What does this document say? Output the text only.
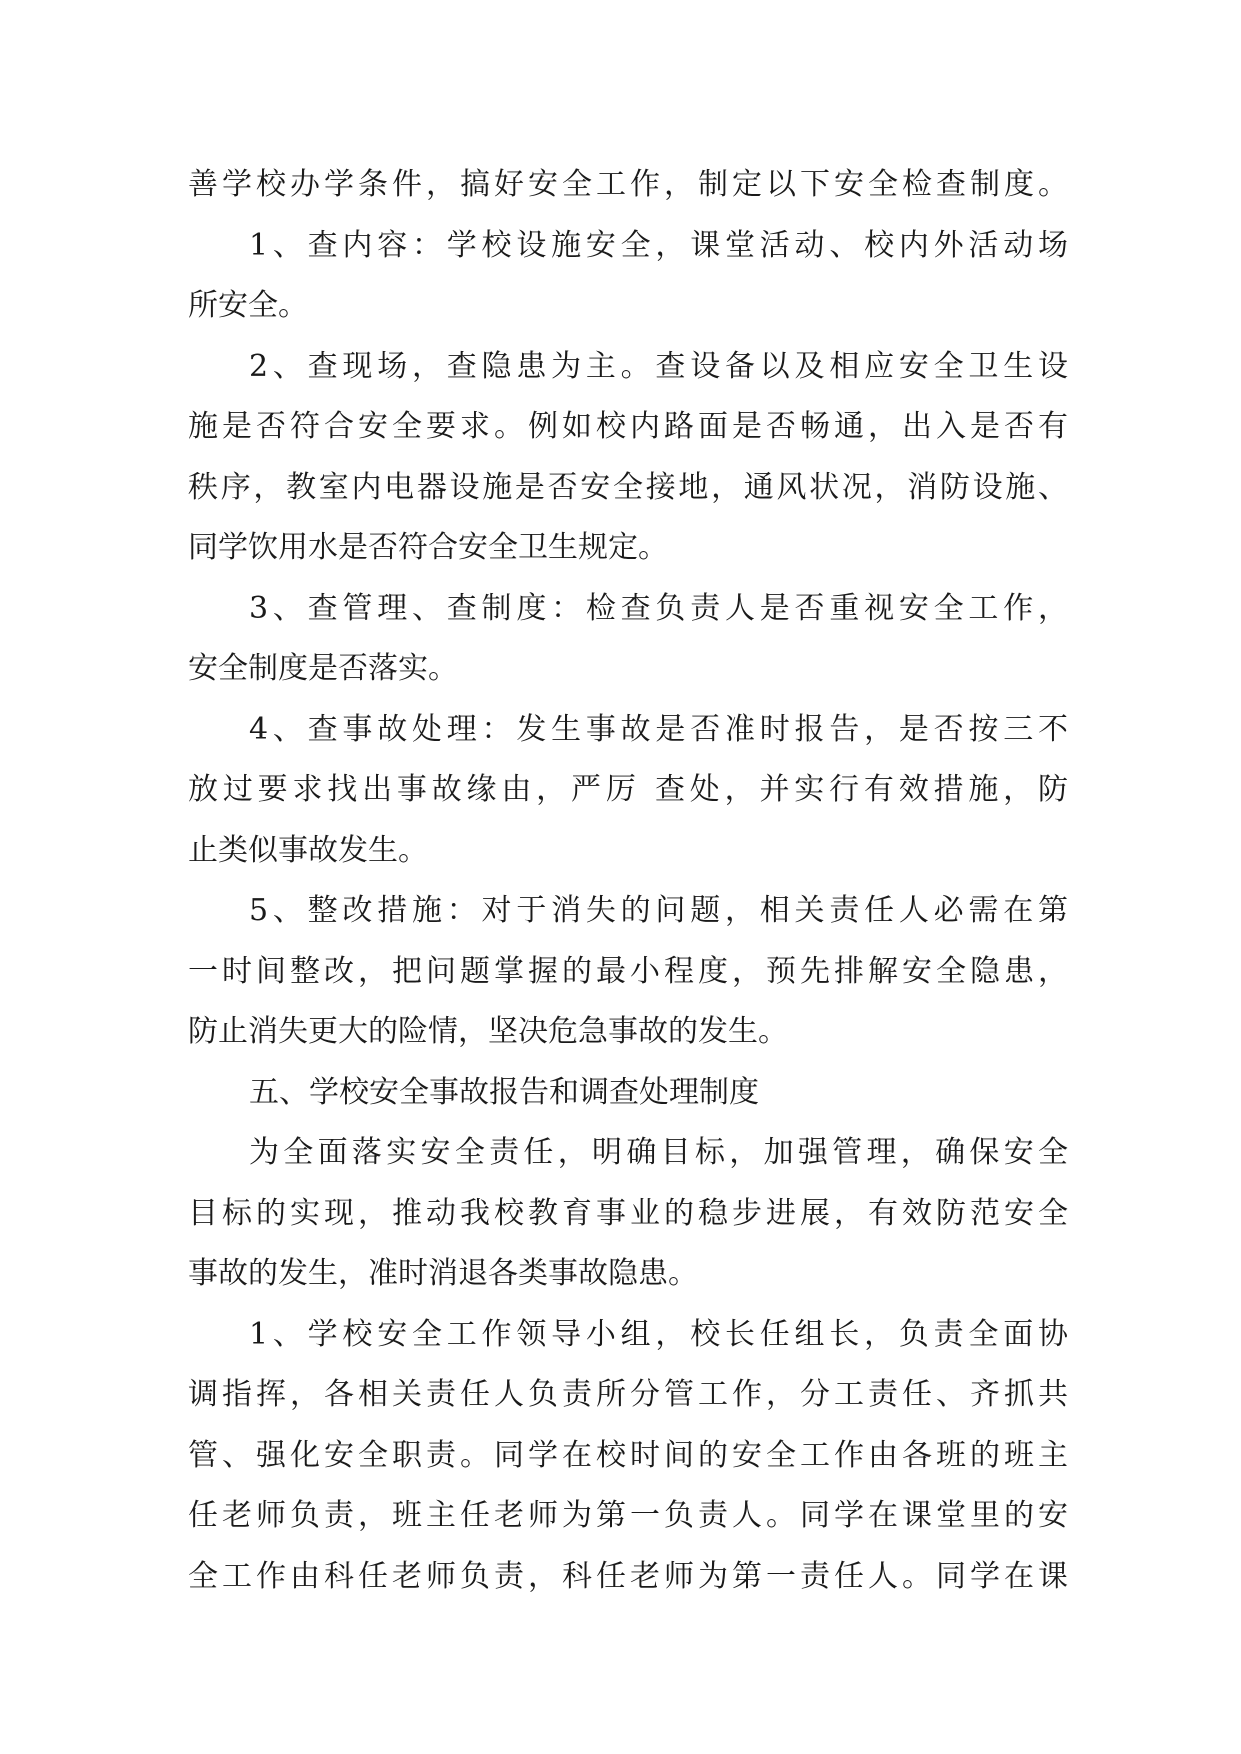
善学校办学条件，搞好安全工作，制定以下安全检查制度。
1、查内容：学校设施安全，课堂活动、校内外活动场
所安全。
2、查现场，查隐患为主。查设备以及相应安全卫生设
施是否符合安全要求。例如校内路面是否畅通，出入是否有
秩序，教室内电器设施是否安全接地，通风状况，消防设施、
同学饮用水是否符合安全卫生规定。
3、查管理、查制度：检查负责人是否重视安全工作，
安全制度是否落实。
4、查事故处理：发生事故是否准时报告，是否按三不
放过要求找出事故缘由，严厉 查处，并实行有效措施，防
止类似事故发生。
5、整改措施：对于消失的问题，相关责任人必需在第
一时间整改，把问题掌握的最小程度，预先排解安全隐患，
防止消失更大的险情，坚决危急事故的发生。
五、学校安全事故报告和调查处理制度
为全面落实安全责任，明确目标，加强管理，确保安全
目标的实现，推动我校教育事业的稳步进展，有效防范安全
事故的发生，准时消退各类事故隐患。
1、学校安全工作领导小组，校长任组长，负责全面协
调指挥，各相关责任人负责所分管工作，分工责任、齐抓共
管、强化安全职责。同学在校时间的安全工作由各班的班主
任老师负责，班主任老师为第一负责人。同学在课堂里的安
全工作由科任老师负责，科任老师为第一责任人。同学在课
